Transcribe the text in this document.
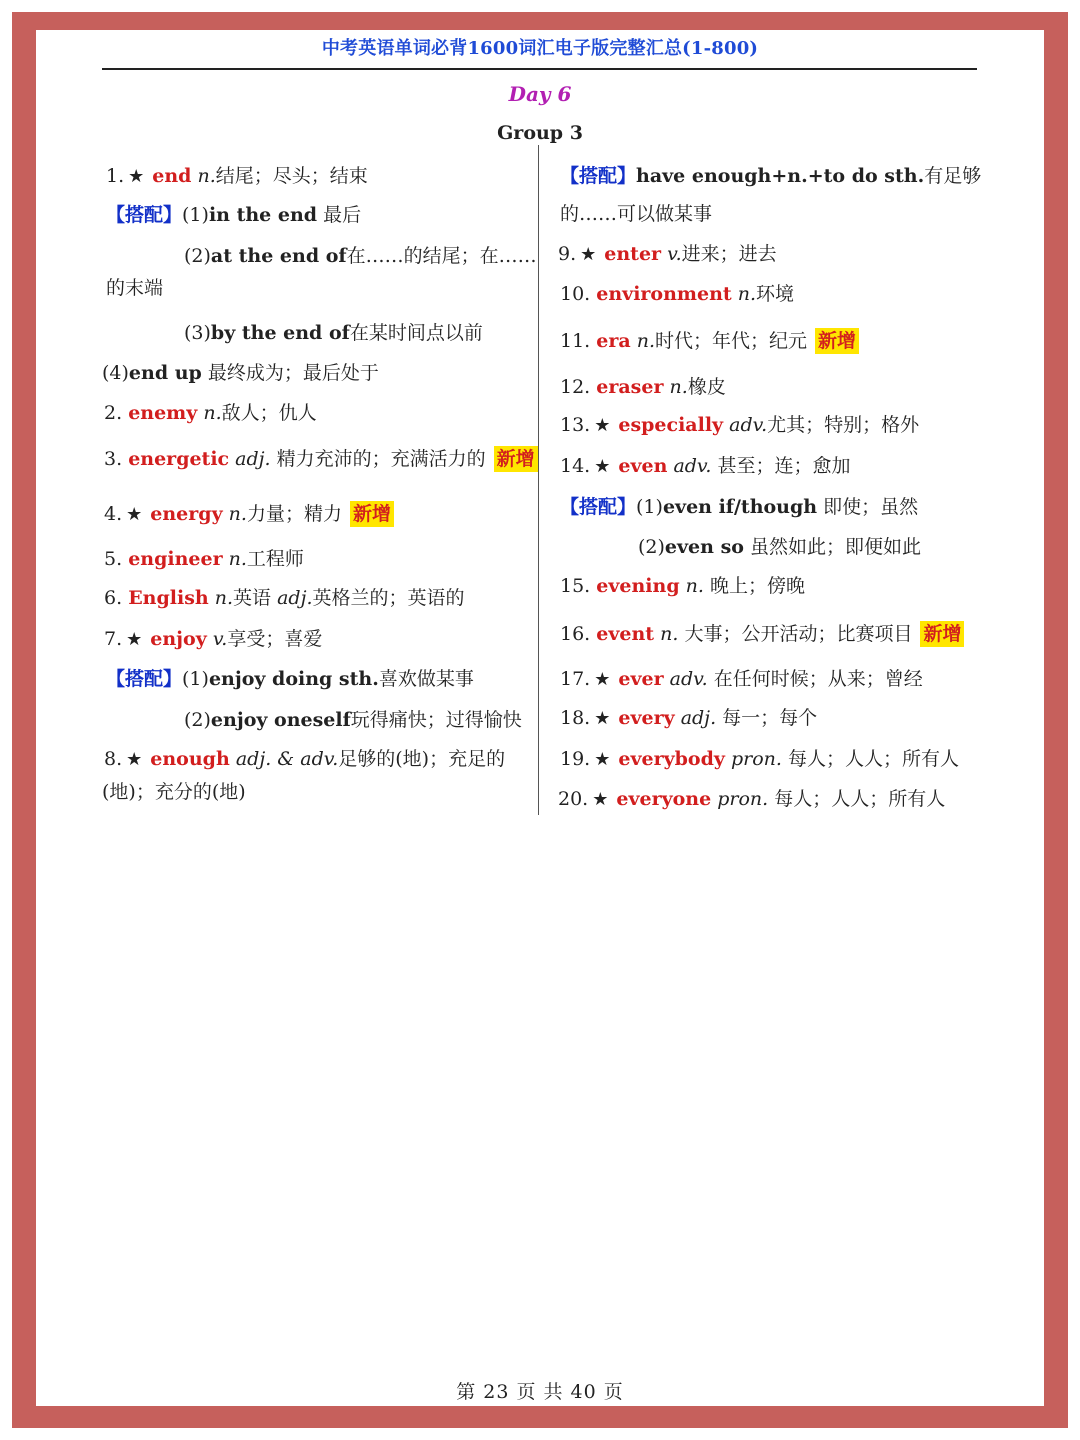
中考英语单词必背1600词汇电子版完整汇总(1-800)
Day 6
Group 3
1. ★ end n.结尾；尽头；结束
【搭配】(1)in the end 最后
(2)at the end of在……的结尾；在……
的末端
(3)by the end of在某时间点以前
(4)end up 最终成为；最后处于
2. enemy n.敌人；仇人
3. energetic adj. 精力充沛的；充满活力的 新增
4. ★ energy n.力量；精力 新增
5. engineer n.工程师
6. English n.英语 adj.英格兰的；英语的
7. ★ enjoy v.享受；喜爱
【搭配】(1)enjoy doing sth.喜欢做某事
(2)enjoy oneself玩得痛快；过得愉快
8. ★ enough adj. & adv.足够的(地)；充足的
(地)；充分的(地)
【搭配】have enough+n.+to do sth.有足够
的……可以做某事
9. ★ enter v.进来；进去
10. environment n.环境
11. era n.时代；年代；纪元 新增
12. eraser n.橡皮
13. ★ especially adv.尤其；特别；格外
14. ★ even adv. 甚至；连；愈加
【搭配】(1)even if/though 即使；虽然
(2)even so 虽然如此；即便如此
15. evening n. 晚上；傍晚
16. event n. 大事；公开活动；比赛项目 新增
17. ★ ever adv. 在任何时候；从来；曾经
18. ★ every adj. 每一；每个
19. ★ everybody pron. 每人；人人；所有人
20. ★ everyone pron. 每人；人人；所有人
第 23 页 共 40 页
